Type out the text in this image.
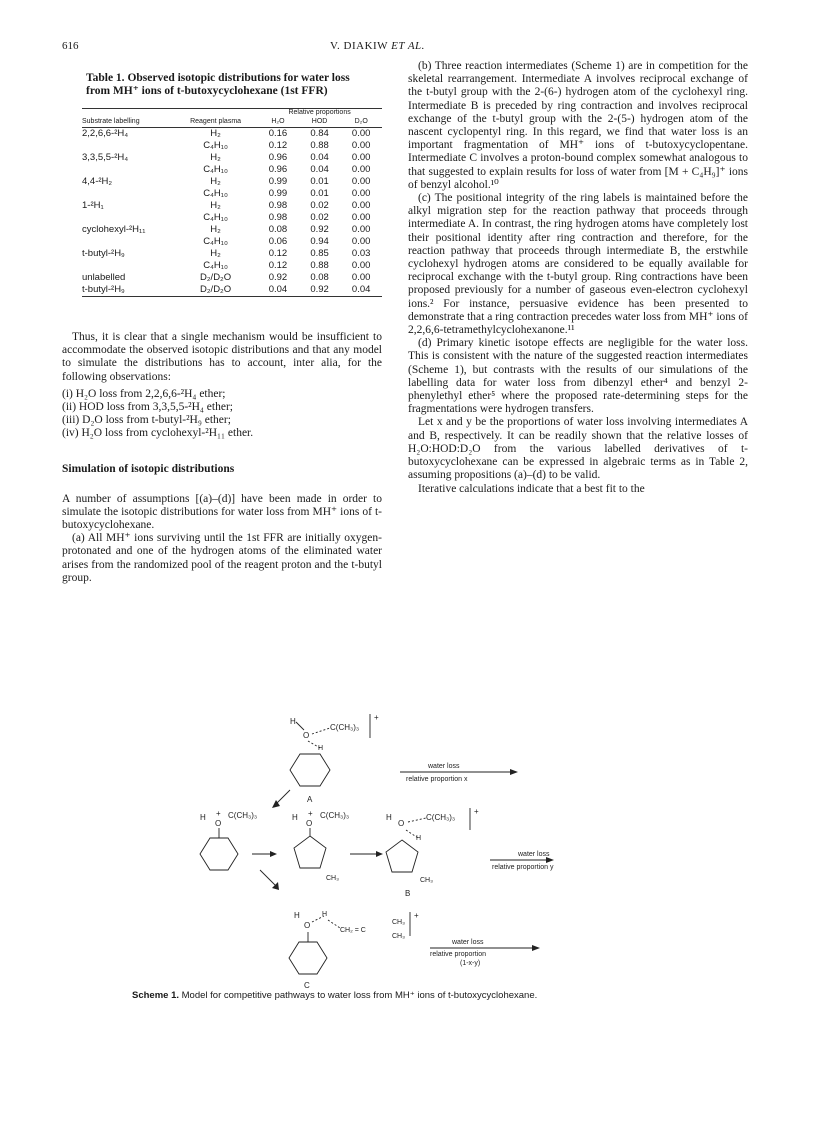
616	V. DIAKIW ET AL.
Table 1. Observed isotopic distributions for water loss from MH⁺ ions of t-butoxycyclohexane (1st FFR)
		Relative proportions		
Substrate labelling	Reagent plasma	H₂O	HOD	D₂O
2,2,6,6-²H₄	H₂	0.16	0.84	0.00
	C₄H₁₀	0.12	0.88	0.00
3,3,5,5-²H₄	H₂	0.96	0.04	0.00
	C₄H₁₀	0.96	0.04	0.00
4,4-²H₂	H₂	0.99	0.01	0.00
	C₄H₁₀	0.99	0.01	0.00
1-²H₁	H₂	0.98	0.02	0.00
	C₄H₁₀	0.98	0.02	0.00
cyclohexyl-²H₁₁	H₂	0.08	0.92	0.00
	C₄H₁₀	0.06	0.94	0.00
t-butyl-²H₉	H₂	0.12	0.85	0.03
	C₄H₁₀	0.12	0.88	0.00
unlabelled	D₂/D₂O	0.92	0.08	0.00
t-butyl-²H₉	D₂/D₂O	0.04	0.92	0.04

Thus, it is clear that a single mechanism would be insufficient to accommodate the observed isotopic distributions and that any model to simulate the distributions has to account, inter alia, for the following observations:

(i) H₂O loss from 2,2,6,6-²H₄ ether;
(ii) HOD loss from 3,3,5,5-²H₄ ether;
(iii) D₂O loss from t-butyl-²H₉ ether;
(iv) H₂O loss from cyclohexyl-²H₁₁ ether.
Simulation of isotopic distributions

A number of assumptions [(a)–(d)] have been made in order to simulate the isotopic distributions for water loss from MH⁺ ions of t-butoxycyclohexane.

(a) All MH⁺ ions surviving until the 1st FFR are initially oxygen-protonated and one of the hydrogen atoms of the eliminated water arises from the randomized pool of the reagent proton and the t-butyl group.

(b) Three reaction intermediates (Scheme 1) are in competition for the skeletal rearrangement. Intermediate A involves reciprocal exchange of the t-butyl group with the 2-(6-) hydrogen atom of the cyclohexyl ring. Intermediate B is preceded by ring contraction and involves reciprocal exchange of the t-butyl group with the 2-(5-) hydrogen atom of the nascent cyclopentyl ring. In this regard, we find that water loss is an important fragmentation of MH⁺ ions of t-butoxycyclopentane. Intermediate C involves a proton-bound complex somewhat analogous to that suggested to explain results for loss of water from [M + C₄H₉]⁺ ions of benzyl alcohol.¹⁰

(c) The positional integrity of the ring labels is maintained before the alkyl migration step for the reaction pathway that proceeds through intermediate A. In contrast, the ring hydrogen atoms have completely lost their positional identity after ring contraction and therefore, for the reaction pathway that proceeds through intermediate B, the erstwhile cyclohexyl hydrogen atoms are considered to be equally available for reciprocal exchange with the t-butyl group. Ring contractions have been proposed previously for a number of gaseous even-electron cyclohexyl ions.² For instance, persuasive evidence has been presented to demonstrate that a ring contraction precedes water loss from MH⁺ ions of 2,2,6,6-tetramethylcyclohexanone.¹¹

(d) Primary kinetic isotope effects are negligible for the water loss. This is consistent with the nature of the suggested reaction intermediates (Scheme 1), but contrasts with the results of our simulations of the labelling data for water loss from dibenzyl ether⁴ and benzyl 2-phenylethyl ether⁵ where the proposed rate-determining steps for the fragmentations were hydrogen transfers.

Let x and y be the proportions of water loss involving intermediates A and B, respectively. It can be readily shown that the relative losses of H₂O:HOD:D₂O from the various labelled derivatives of t-butoxycyclohexane can be expressed in algebraic terms as in Table 2, assuming propositions (a)–(d) to be valid.

Iterative calculations indicate that a best fit to the

H
O
C(CH₃)₃
H
+
A
water loss
relative proportion x
H +
O
C(CH₃)₃	H +
O
C(CH₃)₃
CH₃
H
O
C(CH₃)₃
+
H
CH₃
B
water loss
relative proportion y
H
O
H
CH₂ = C
CH₃
CH₃
+
C
water loss
relative proportion
(1-x-y)
Scheme 1. Model for competitive pathways to water loss from MH⁺ ions of t-butoxycyclohexane.
